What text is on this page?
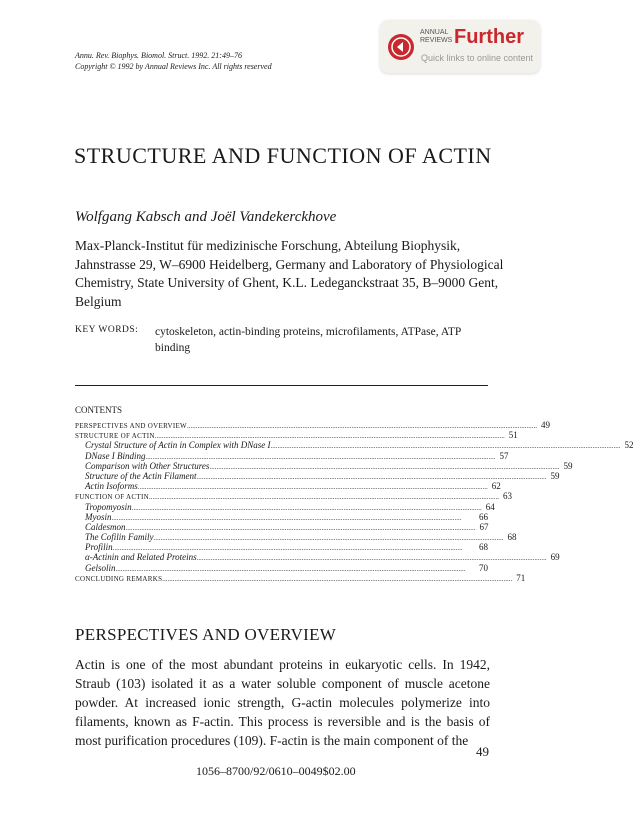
Annu. Rev. Biophys. Biomol. Struct. 1992. 21:49–76
Copyright © 1992 by Annual Reviews Inc. All rights reserved
ANNUAL
REVIEWS Further
Quick links to online content
STRUCTURE AND FUNCTION OF ACTIN
Wolfgang Kabsch and Joël Vandekerckhove
Max-Planck-Institut für medizinische Forschung, Abteilung Biophysik, Jahnstrasse 29, W–6900 Heidelberg, Germany and Laboratory of Physiological Chemistry, State University of Ghent, K.L. Ledeganckstraat 35, B–9000 Gent, Belgium
KEY WORDS: cytoskeleton, actin-binding proteins, microfilaments, ATPase, ATP binding
CONTENTS
PERSPECTIVES AND OVERVIEW ........................................................................................................................................................................................................ 49
STRUCTURE OF ACTIN ........................................................................................................................................................................................................ 51
Crystal Structure of Actin in Complex with DNase I ........................................................................................................................................................................................................ 52
DNase I Binding ........................................................................................................................................................................................................ 57
Comparison with Other Structures ........................................................................................................................................................................................................ 59
Structure of the Actin Filament ........................................................................................................................................................................................................ 59
Actin Isoforms ........................................................................................................................................................................................................ 62
FUNCTION OF ACTIN ........................................................................................................................................................................................................ 63
Tropomyosin ........................................................................................................................................................................................................ 64
Myosin ........................................................................................................................................................................................................	66
Caldesmon ........................................................................................................................................................................................................ 67
The Cofilin Family ........................................................................................................................................................................................................ 68
Profilin ........................................................................................................................................................................................................	68
α-Actinin and Related Proteins ........................................................................................................................................................................................................ 69
Gelsolin ........................................................................................................................................................................................................	70
CONCLUDING REMARKS ........................................................................................................................................................................................................ 71
PERSPECTIVES AND OVERVIEW
Actin is one of the most abundant proteins in eukaryotic cells. In 1942, Straub (103) isolated it as a water soluble component of muscle acetone powder. At increased ionic strength, G-actin molecules polymerize into filaments, known as F-actin. This process is reversible and is the basis of most purification procedures (109). F-actin is the main component of the
49
1056–8700/92/0610–0049$02.00
